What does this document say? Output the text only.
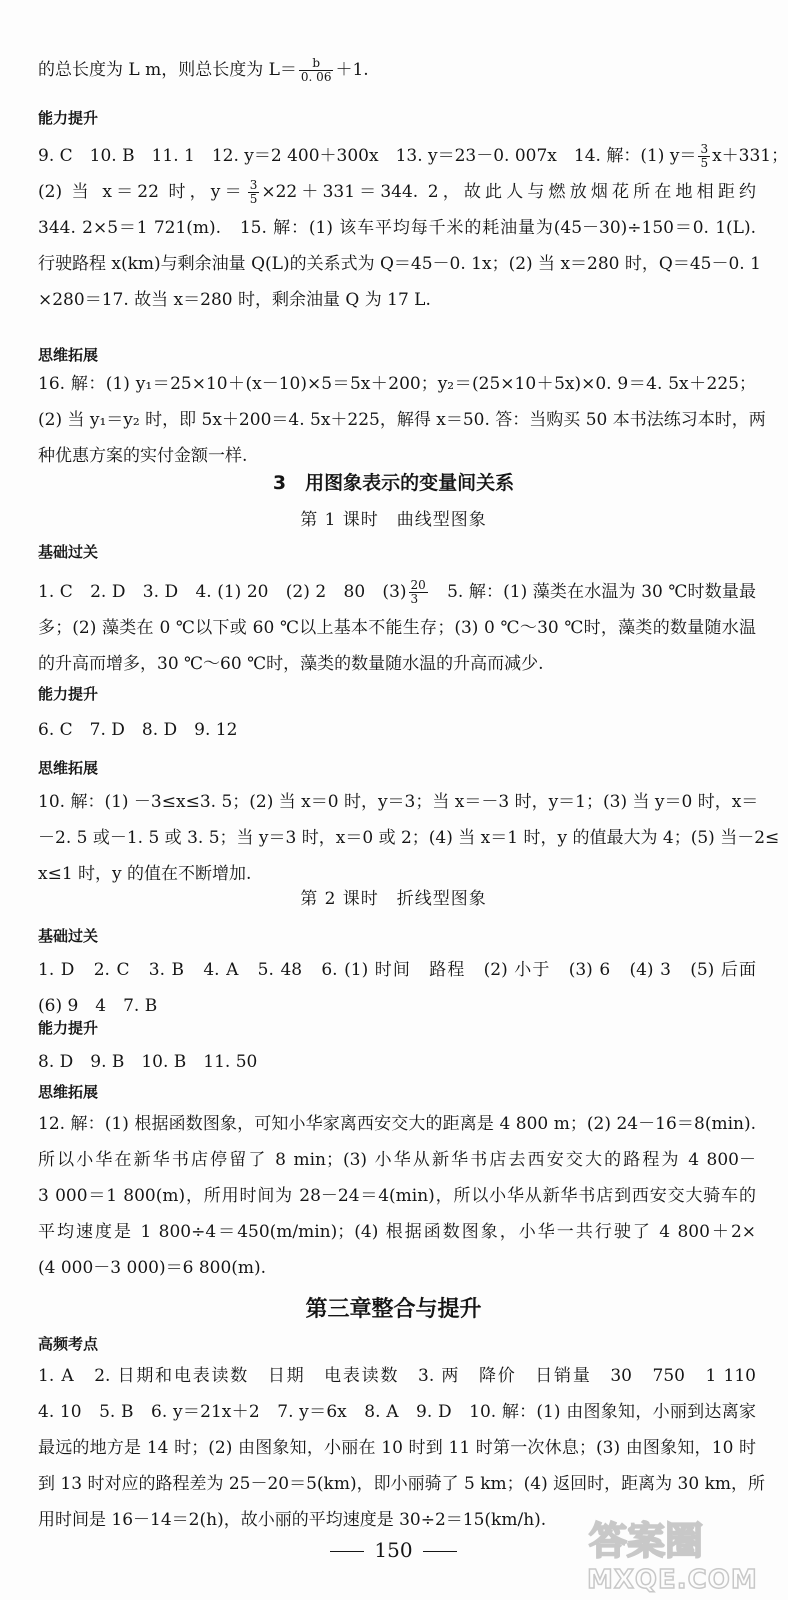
的总长度为 L m，则总长度为 $L= \frac{b}{0. 06} +1$.
能力提升
9. C　10. B　11. 1　12. y＝2 400＋300x　13. y＝23－0. 007x　14. 解：(1) $y= \frac{3}{5} x+331$；
(2) 当 x＝22 时，$y= \frac{3}{5} \times 22+331=344$. 2，故此人与燃放烟花所在地相距约
344. 2×5＝1 721(m).　15. 解：(1) 该车平均每千米的耗油量为(45－30)÷150＝0. 1(L).
行驶路程 x(km)与剩余油量 Q(L)的关系式为 Q＝45－0. 1x；(2) 当 x＝280 时，Q＝45－0. 1
×280＝17. 故当 x＝280 时，剩余油量 Q 为 17 L.
思维拓展
16. 解：(1) y₁＝25×10＋(x－10)×5＝5x＋200；y₂＝(25×10＋5x)×0. 9＝4. 5x＋225；
(2) 当 y₁＝y₂ 时，即 5x＋200＝4. 5x＋225，解得 x＝50. 答：当购买 50 本书法练习本时，两
种优惠方案的实付金额一样.
3　用图象表示的变量间关系
第 1 课时　曲线型图象
基础过关
1. C　2. D　3. D　4. (1) 20　(2) 2　80　$(3) \frac{20}{3}$ 　5. 解：(1) 藻类在水温为 30 ℃时数量最
多；(2) 藻类在 0 ℃以下或 60 ℃以上基本不能生存；(3) 0 ℃～30 ℃时，藻类的数量随水温
的升高而增多，30 ℃～60 ℃时，藻类的数量随水温的升高而减少.
能力提升
6. C　7. D　8. D　9. 12
思维拓展
10. 解：(1) －3≤x≤3. 5；(2) 当 x＝0 时，y＝3；当 x＝－3 时，y＝1；(3) 当 y＝0 时，x＝
－2. 5 或－1. 5 或 3. 5；当 y＝3 时，x＝0 或 2；(4) 当 x＝1 时，y 的值最大为 4；(5) 当－2≤
x≤1 时，y 的值在不断增加.
第 2 课时　折线型图象
基础过关
1. D　2. C　3. B　4. A　5. 48　6. (1) 时间　路程　(2) 小于　(3) 6　(4) 3　(5) 后面
(6) 9　4　7. B
能力提升
8. D　9. B　10. B　11. 50
思维拓展
12. 解：(1) 根据函数图象，可知小华家离西安交大的距离是 4 800 m；(2) 24－16＝8(min).
所以小华在新华书店停留了 8 min；(3) 小华从新华书店去西安交大的路程为 4 800－
3 000＝1 800(m)，所用时间为 28－24＝4(min)，所以小华从新华书店到西安交大骑车的
平均速度是 1 800÷4＝450(m/min)；(4) 根据函数图象，小华一共行驶了 4 800＋2×
(4 000－3 000)＝6 800(m).
第三章整合与提升
高频考点
1. A　2. 日期和电表读数　日期　电表读数　3. 两　降价　日销量　30　750　1 110
4. 10　5. B　6. y＝21x＋2　7. y＝6x　8. A　9. D　10. 解：(1) 由图象知，小丽到达离家
最远的地方是 14 时；(2) 由图象知，小丽在 10 时到 11 时第一次休息；(3) 由图象知，10 时
到 13 时对应的路程差为 25－20＝5(km)，即小丽骑了 5 km；(4) 返回时，距离为 30 km，所
用时间是 16－14＝2(h)，故小丽的平均速度是 30÷2＝15(km/h).
150	答案圈
MXQE.COM
